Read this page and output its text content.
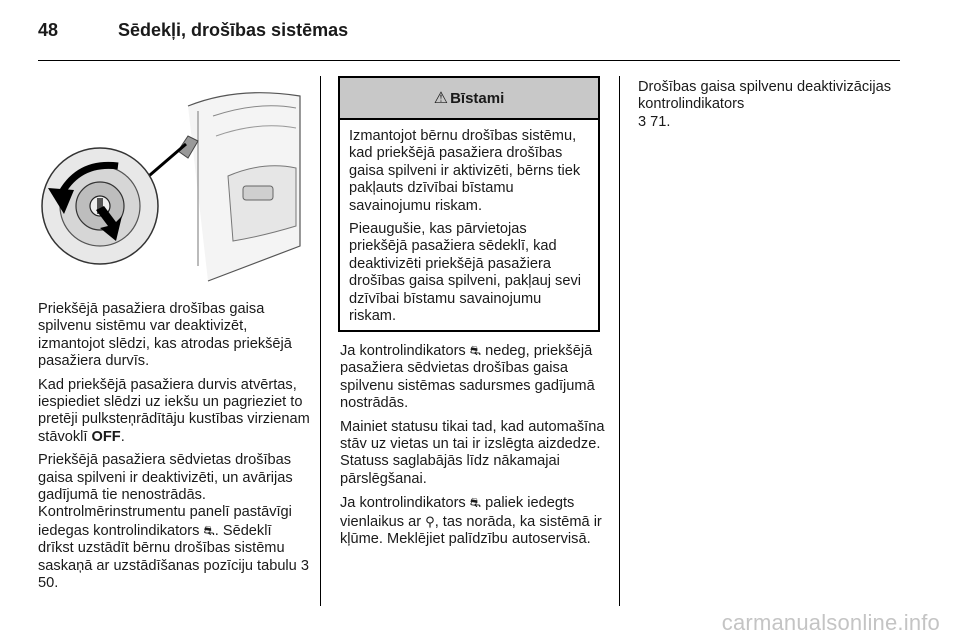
48	Sēdekļi, drošības sistēmas

Priekšējā pasažiera drošības gaisa spilvenu sistēmu var deaktivizēt, izmantojot slēdzi, kas atrodas priekšējā pasažiera durvīs.

Kad priekšējā pasažiera durvis atvērtas, iespiediet slēdzi uz iekšu un pagrieziet to pretēji pulksteņrādītāju kustības virzienam stāvoklī OFF.

Priekšējā pasažiera sēdvietas drošības gaisa spilveni ir deaktivizēti, un avārijas gadījumā tie nenostrādās. Kontrolmērinstrumentu panelī pastāvīgi iedegas kontrolindikators ⛐. Sēdeklī drīkst uzstādīt bērnu drošības sistēmu saskaņā ar uzstādīšanas pozīciju tabulu 3 50.

⚠ Bīstami

Izmantojot bērnu drošības sistēmu, kad priekšējā pasažiera drošības gaisa spilveni ir aktivizēti, bērns tiek pakļauts dzīvībai bīstamu savainojumu riskam.

Pieaugušie, kas pārvietojas priekšējā pasažiera sēdeklī, kad deaktivizēti priekšējā pasažiera drošības gaisa spilveni, pakļauj sevi dzīvībai bīstamu savainojumu riskam.

Ja kontrolindikators ⛐ nedeg, priekšējā pasažiera sēdvietas drošības gaisa spilvenu sistēmas sadursmes gadījumā nostrādās.

Mainiet statusu tikai tad, kad automašīna stāv uz vietas un tai ir izslēgta aizdedze. Statuss saglabājās līdz nākamajai pārslēgšanai.

Ja kontrolindikators ⛐ paliek iedegts vienlaikus ar ⚲, tas norāda, ka sistēmā ir kļūme. Meklējiet palīdzību autoservisā.

Drošības gaisa spilvenu deaktivizācijas kontrolindikators
3 71.

carmanualsonline.info
